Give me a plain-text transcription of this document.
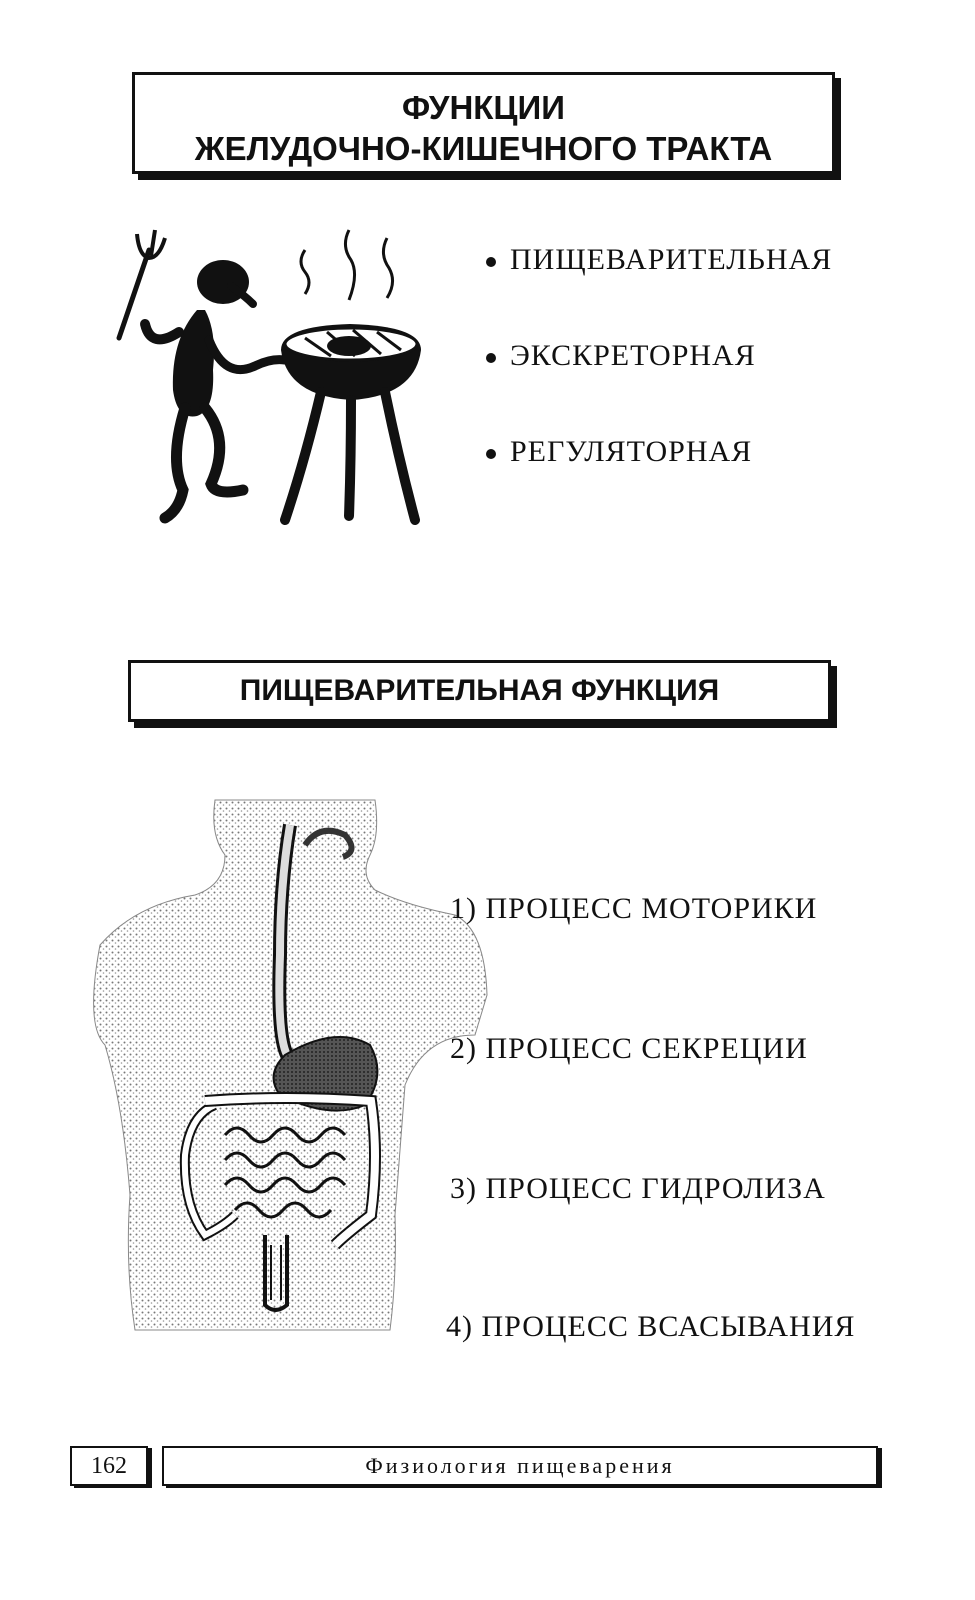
ФУНКЦИИ
ЖЕЛУДОЧНО-КИШЕЧНОГО ТРАКТА
ПИЩЕВАРИТЕЛЬНАЯ
ЭКСКРЕТОРНАЯ
РЕГУЛЯТОРНАЯ
ПИЩЕВАРИТЕЛЬНАЯ ФУНКЦИЯ

1) ПРОЦЕСС МОТОРИКИ

2) ПРОЦЕСС СЕКРЕЦИИ

3) ПРОЦЕСС ГИДРОЛИЗА

4) ПРОЦЕСС ВСАСЫВАНИЯ

162	Физиология пищеварения
